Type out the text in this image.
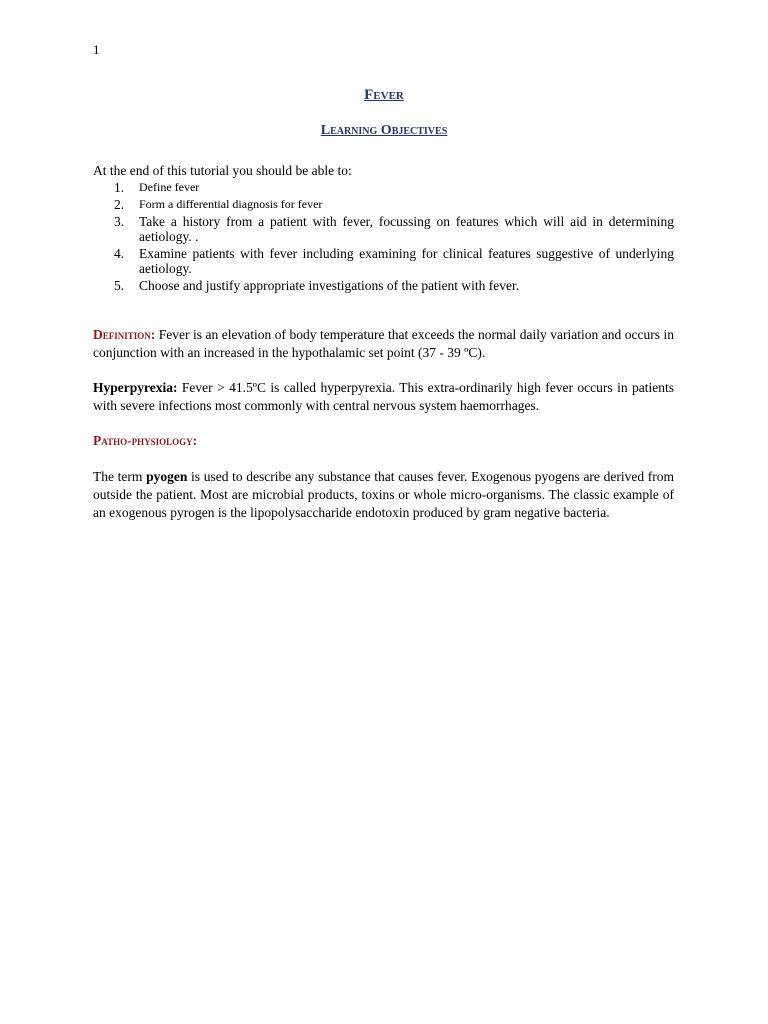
1
Fever
Learning Objectives
At the end of this tutorial you should be able to:
1. Define fever
2. Form a differential diagnosis for fever
3. Take a history from a patient with fever, focussing on features which will aid in determining aetiology. .
4. Examine patients with fever including examining for clinical features suggestive of underlying aetiology.
5. Choose and justify appropriate investigations of the patient with fever.
Definition: Fever is an elevation of body temperature that exceeds the normal daily variation and occurs in conjunction with an increased in the hypothalamic set point (37 - 39 ºC).
Hyperpyrexia: Fever > 41.5ºC is called hyperpyrexia. This extra-ordinarily high fever occurs in patients with severe infections most commonly with central nervous system haemorrhages.
Patho-physiology:
The term pyogen is used to describe any substance that causes fever. Exogenous pyogens are derived from outside the patient. Most are microbial products, toxins or whole micro-organisms. The classic example of an exogenous pyrogen is the lipopolysaccharide endotoxin produced by gram negative bacteria.
